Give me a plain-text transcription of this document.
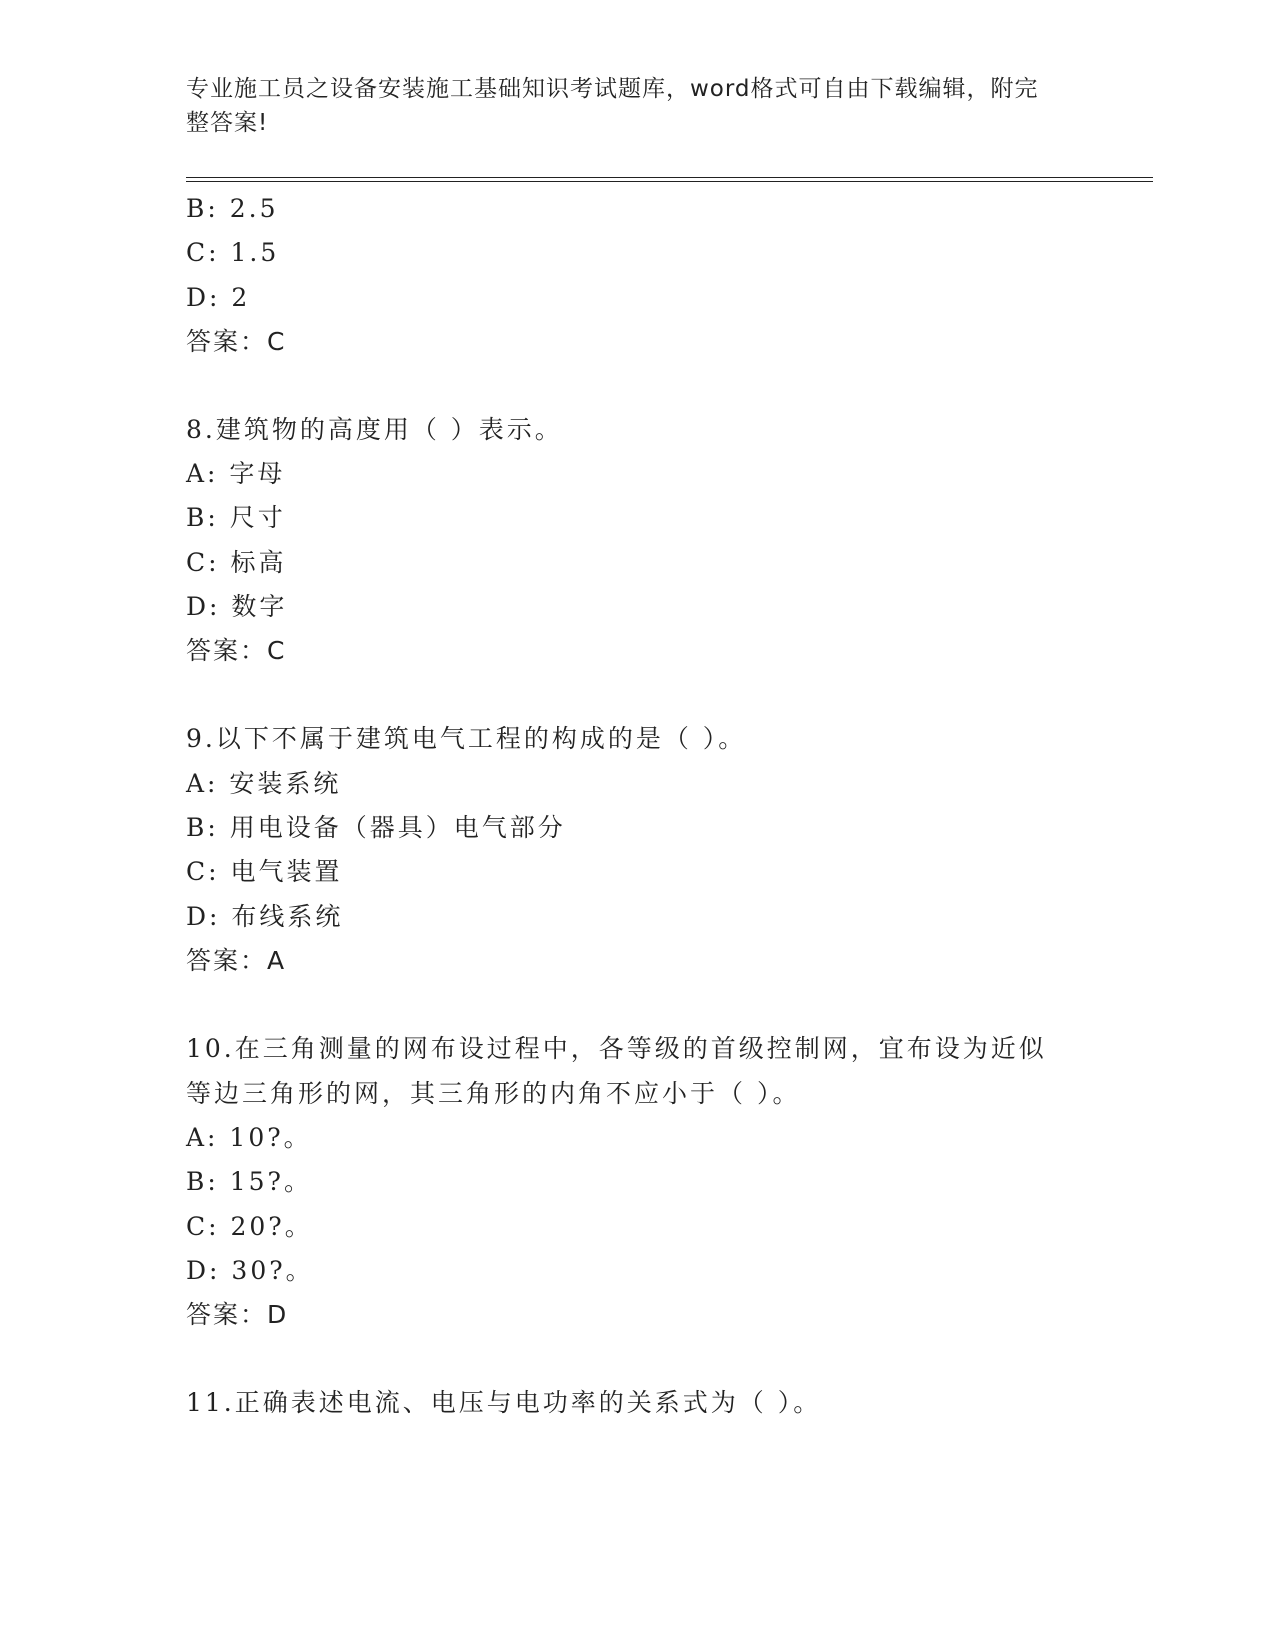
专业施工员之设备安装施工基础知识考试题库，word格式可自由下载编辑，附完
整答案!
B: 2.5
C: 1.5
D: 2
答案：C
8.建筑物的高度用（ ）表示。
A: 字母
B: 尺寸
C: 标高
D: 数字
答案：C
9.以下不属于建筑电气工程的构成的是（ ）。
A: 安装系统
B: 用电设备（器具）电气部分
C: 电气装置
D: 布线系统
答案：A
10.在三角测量的网布设过程中，各等级的首级控制网，宜布设为近似
等边三角形的网，其三角形的内角不应小于（ ）。
A: 10?。
B: 15?。
C: 20?。
D: 30?。
答案：D
11.正确表述电流、电压与电功率的关系式为（ ）。
